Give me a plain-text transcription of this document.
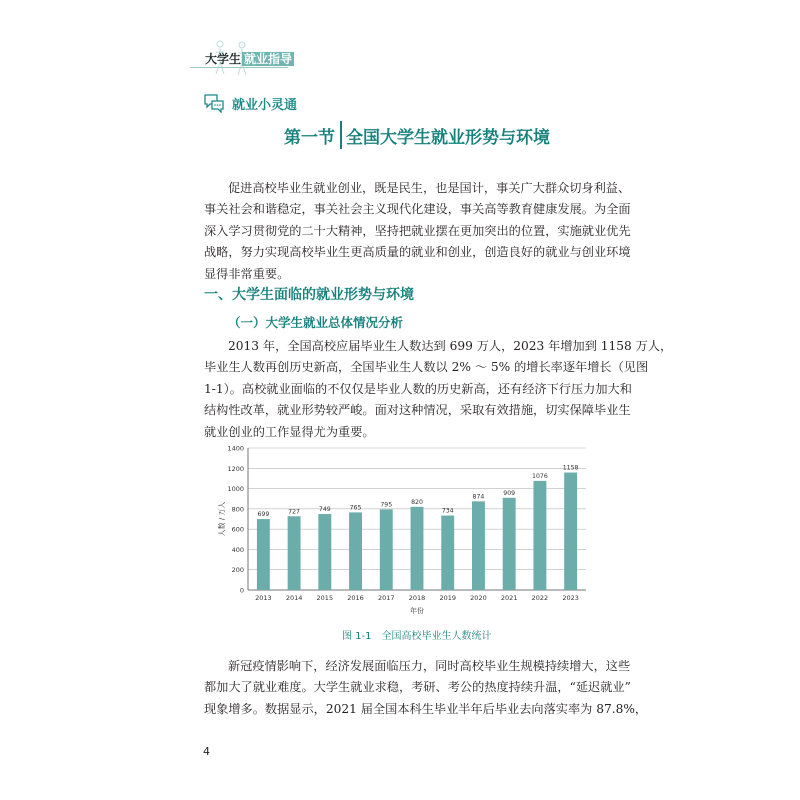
大学生 就业指导
就业小灵通
第一节 全国大学生就业形势与环境
促进高校毕业生就业创业，既是民生，也是国计，事关广大群众切身利益、
事关社会和谐稳定，事关社会主义现代化建设，事关高等教育健康发展。为全面
深入学习贯彻党的二十大精神，坚持把就业摆在更加突出的位置，实施就业优先
战略，努力实现高校毕业生更高质量的就业和创业，创造良好的就业与创业环境
显得非常重要。
一、大学生面临的就业形势与环境
（一）大学生就业总体情况分析
2013 年，全国高校应届毕业生人数达到 699 万人，2023 年增加到 1158 万人，
毕业生人数再创历史新高，全国毕业生人数以 2% ～ 5% 的增长率逐年增长（见图
1-1）。高校就业面临的不仅仅是毕业人数的历史新高，还有经济下行压力加大和
结构性改革，就业形势较严峻。面对这种情况，采取有效措施，切实保障毕业生
就业创业的工作显得尤为重要。
0
200
400
600
800
1000
1200
1400
699
2013
727
2014
749
2015
765
2016
795
2017
820
2018
734
2019
874
2020
909
2021
1076
2022
1158
2023
年份
人数 / 万人
图 1-1 全国高校毕业生人数统计
新冠疫情影响下，经济发展面临压力，同时高校毕业生规模持续增大，这些
都加大了就业难度。大学生就业求稳，考研、考公的热度持续升温，“延迟就业”
现象增多。数据显示，2021 届全国本科生毕业半年后毕业去向落实率为 87.8%，
4
